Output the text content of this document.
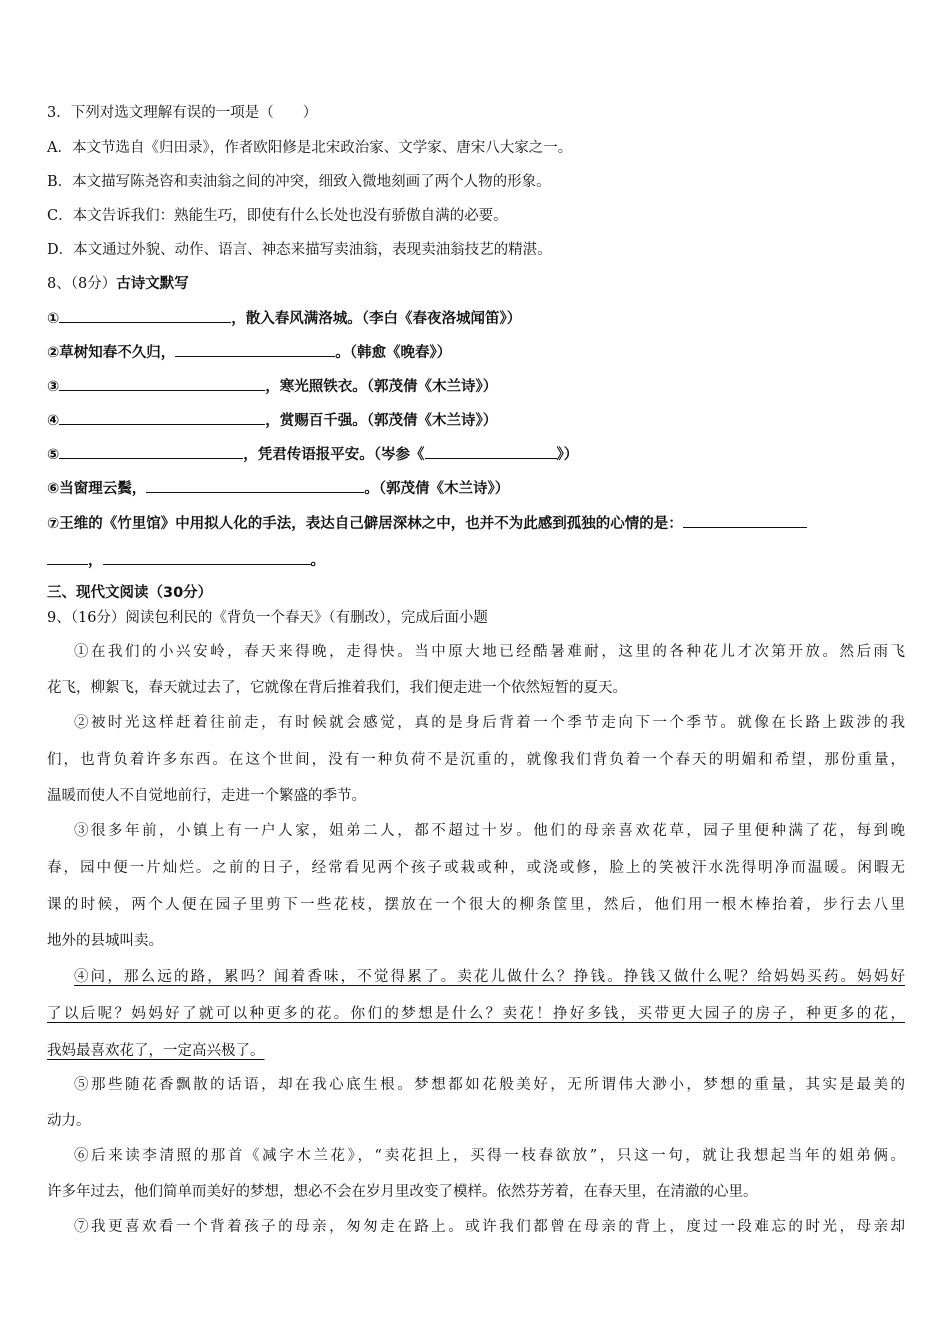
3．下列对选文理解有误的一项是（　　）
A．本文节选自《归田录》，作者欧阳修是北宋政治家、文学家、唐宋八大家之一。
B．本文描写陈尧咨和卖油翁之间的冲突，细致入微地刻画了两个人物的形象。
C．本文告诉我们：熟能生巧，即使有什么长处也没有骄傲自满的必要。
D．本文通过外貌、动作、语言、神态来描写卖油翁，表现卖油翁技艺的精湛。
8、（8分）古诗文默写
①	，散入春风满洛城。（李白《春夜洛城闻笛》）
②草树知春不久归，	。（韩愈《晚春》）
③	，寒光照铁衣。（郭茂倩《木兰诗》）
④	，赏赐百千强。（郭茂倩《木兰诗》）
⑤	，凭君传语报平安。（岑参《	》）
⑥当窗理云鬓，	。（郭茂倩《木兰诗》）
⑦王维的《竹里馆》中用拟人化的手法，表达自己僻居深林之中，也并不为此感到孤独的心情的是：
，	。
三、现代文阅读（30分）
9、（16分）阅读包利民的《背负一个春天》（有删改），完成后面小题
①在我们的小兴安岭，春天来得晚，走得快。当中原大地已经酷暑难耐，这里的各种花儿才次第开放。然后雨飞
花飞，柳絮飞，春天就过去了，它就像在背后推着我们，我们便走进一个依然短暂的夏天。
②被时光这样赶着往前走，有时候就会感觉，真的是身后背着一个季节走向下一个季节。就像在长路上跋涉的我
们，也背负着许多东西。在这个世间，没有一种负荷不是沉重的，就像我们背负着一个春天的明媚和希望，那份重量，
温暖而使人不自觉地前行，走进一个繁盛的季节。
③很多年前，小镇上有一户人家，姐弟二人，都不超过十岁。他们的母亲喜欢花草，园子里便种满了花，每到晚
春，园中便一片灿烂。之前的日子，经常看见两个孩子或栽或种，或浇或修，脸上的笑被汗水洗得明净而温暖。闲暇无
课的时候，两个人便在园子里剪下一些花枝，摆放在一个很大的柳条筐里，然后，他们用一根木棒抬着，步行去八里
地外的县城叫卖。
④问，那么远的路，累吗？闻着香味，不觉得累了。卖花儿做什么？挣钱。挣钱又做什么呢？给妈妈买药。妈妈好
了以后呢？妈妈好了就可以种更多的花。你们的梦想是什么？卖花！挣好多钱，买带更大园子的房子，种更多的花，
我妈最喜欢花了，一定高兴极了。
⑤那些随花香飘散的话语，却在我心底生根。梦想都如花般美好，无所谓伟大渺小，梦想的重量，其实是最美的
动力。
⑥后来读李清照的那首《减字木兰花》，“卖花担上，买得一枝春欲放”，只这一句，就让我想起当年的姐弟俩。
许多年过去，他们简单而美好的梦想，想必不会在岁月里改变了模样。依然芬芳着，在春天里，在清澈的心里。
⑦我更喜欢看一个背着孩子的母亲，匆匆走在路上。或许我们都曾在母亲的背上，度过一段难忘的时光，母亲却
